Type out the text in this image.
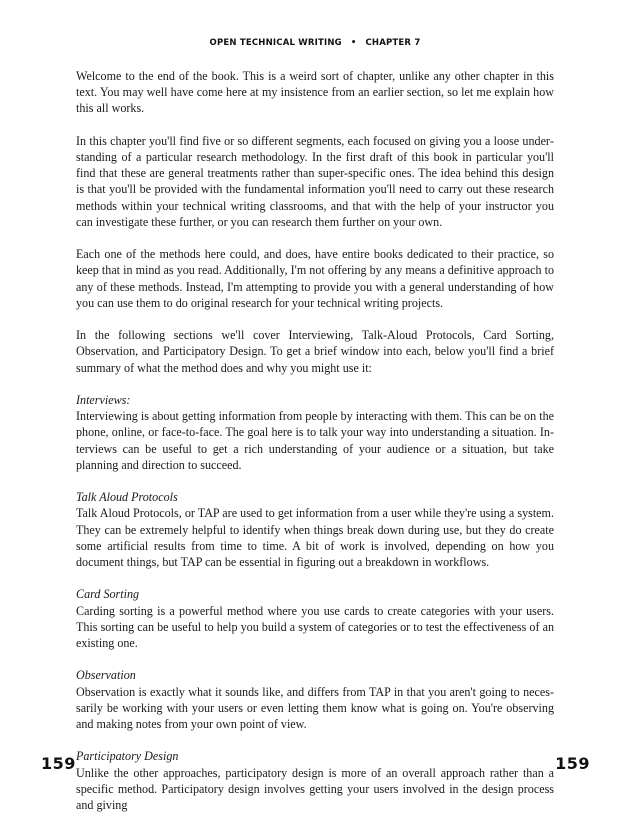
OPEN TECHNICAL WRITING • CHAPTER 7

Welcome to the end of the book. This is a weird sort of chapter, unlike any other chapter in this text. You may well have come here at my insistence from an earlier section, so let me explain how this all works.

In this chapter you'll find five or so different segments, each focused on giving you a loose understanding of a particular research methodology. In the first draft of this book in particular you'll find that these are general treatments rather than super-specific ones. The idea behind this design is that you'll be provided with the fundamental information you'll need to carry out these research methods within your technical writing classrooms, and that with the help of your instructor you can investigate these further, or you can research them further on your own.

Each one of the methods here could, and does, have entire books dedicated to their practice, so keep that in mind as you read. Additionally, I'm not offering by any means a definitive approach to any of these methods. Instead, I'm attempting to provide you with a general understanding of how you can use them to do original research for your technical writing projects.

In the following sections we'll cover Interviewing, Talk-Aloud Protocols, Card Sorting, Observation, and Participatory Design. To get a brief window into each, below you'll find a brief summary of what the method does and why you might use it:

Interviews:

Interviewing is about getting information from people by interacting with them. This can be on the phone, online, or face-to-face. The goal here is to talk your way into understanding a situation. Interviews can be useful to get a rich understanding of your audience or a situation, but take planning and direction to succeed.

Talk Aloud Protocols

Talk Aloud Protocols, or TAP are used to get information from a user while they're using a system. They can be extremely helpful to identify when things break down during use, but they do create some artificial results from time to time. A bit of work is involved, depending on how you document things, but TAP can be essential in figuring out a breakdown in workflows.

Card Sorting

Carding sorting is a powerful method where you use cards to create categories with your users. This sorting can be useful to help you build a system of categories or to test the effectiveness of an existing one.

Observation

Observation is exactly what it sounds like, and differs from TAP in that you aren't going to necessarily be working with your users or even letting them know what is going on. You're observing and making notes from your own point of view.

Participatory Design

Unlike the other approaches, participatory design is more of an overall approach rather than a specific method. Participatory design involves getting your users involved in the design process and giving

159	159
